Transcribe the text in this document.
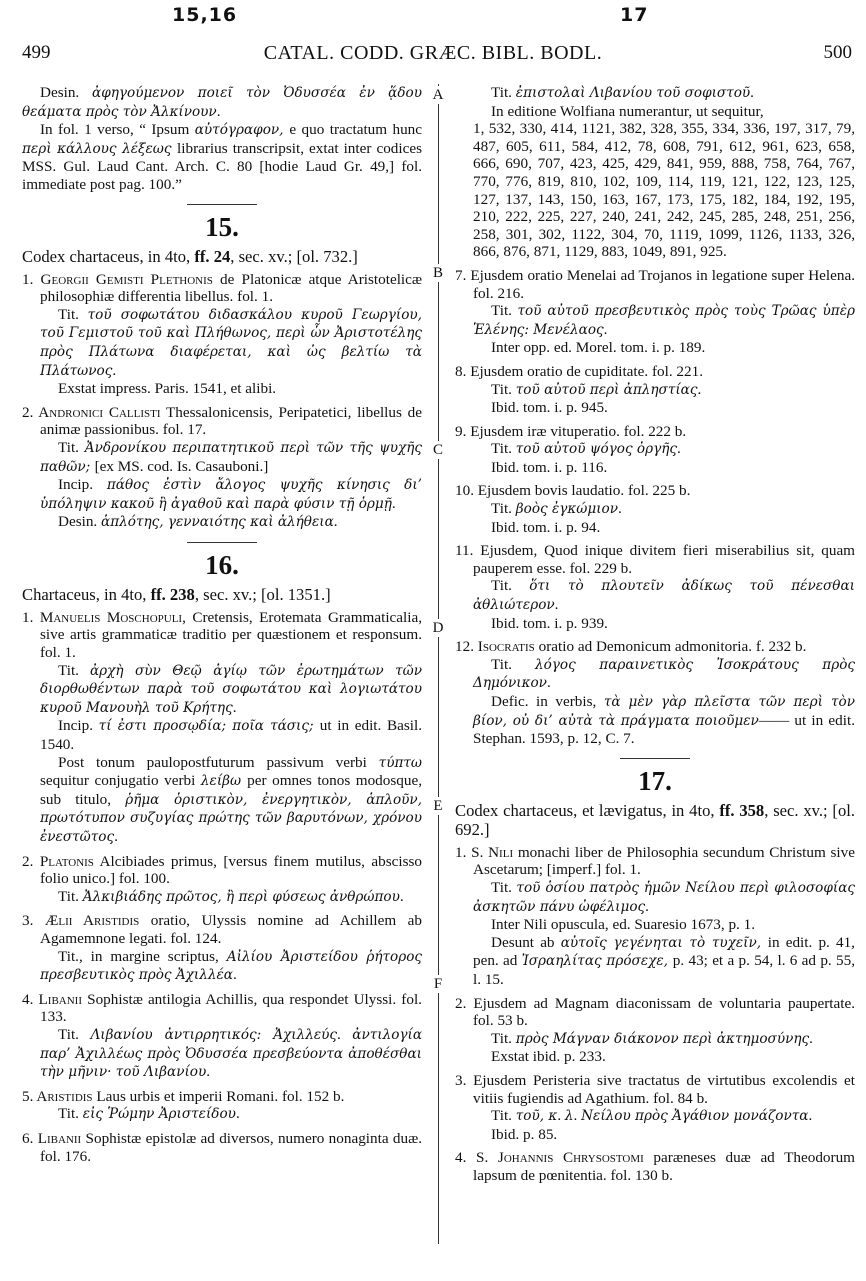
15,16	17
499	CATAL. CODD. GRÆC. BIBL. BODL.	500

Desin. ἀφηγούμενον ποιεῖ τὸν Ὀδυσσέα ἐν ᾅδου θεάματα πρὸς τὸν Ἀλκίνουν.

In fol. 1 verso, “ Ipsum αὐτόγραφον, e quo tractatum hunc περὶ κάλλους λέξεως librarius transcripsit, extat inter codices MSS. Gul. Laud Cant. Arch. C. 80 [hodie Laud Gr. 49,] fol. immediate post pag. 100.”

15.

Codex chartaceus, in 4to, ff. 24, sec. xv.; [ol. 732.]

1. Georgii Gemisti Plethonis de Platonicæ atque Aristotelicæ philosophiæ differentia libellus. fol. 1.

Tit. τοῦ σοφωτάτου διδασκάλου κυροῦ Γεωργίου, τοῦ Γεμιστοῦ τοῦ καὶ Πλήθωνος, περὶ ὧν Ἀριστοτέλης πρὸς Πλάτωνα διαφέρεται, καὶ ὡς βελτίω τὰ Πλάτωνος.

Exstat impress. Paris. 1541, et alibi.

2. Andronici Callisti Thessalonicensis, Peripatetici, libellus de animæ passionibus. fol. 17.

Tit. Ἀνδρονίκου περιπατητικοῦ περὶ τῶν τῆς ψυχῆς παθῶν; [ex MS. cod. Is. Casauboni.]

Incip. πάθος ἐστὶν ἄλογος ψυχῆς κίνησις δι’ ὑπόληψιν κακοῦ ἢ ἀγαθοῦ καὶ παρὰ φύσιν τῇ ὁρμῇ.

Desin. ἁπλότης, γενναιότης καὶ ἀλήθεια.

16.

Chartaceus, in 4to, ff. 238, sec. xv.; [ol. 1351.]

1. Manuelis Moschopuli, Cretensis, Erotemata Grammaticalia, sive artis grammaticæ traditio per quæstionem et responsum. fol. 1.

Tit. ἀρχὴ σὺν Θεῷ ἁγίῳ τῶν ἐρωτημάτων τῶν διορθωθέντων παρὰ τοῦ σοφωτάτου καὶ λογιωτάτου κυροῦ Μανουὴλ τοῦ Κρήτης.

Incip. τί ἐστι προσῳδία; ποῖα τάσις; ut in edit. Basil. 1540.

Post tonum paulopostfuturum passivum verbi τύπτω sequitur conjugatio verbi λείβω per omnes tonos modosque, sub titulo, ῥῆμα ὁριστικὸν, ἐνεργητικὸν, ἁπλοῦν, πρωτότυπον συζυγίας πρώτης τῶν βαρυτόνων, χρόνου ἐνεστῶτος.

2. Platonis Alcibiades primus, [versus finem mutilus, abscisso folio unico.] fol. 100.

Tit. Ἀλκιβιάδης πρῶτος, ἢ περὶ φύσεως ἀνθρώπου.

3. Ælii Aristidis oratio, Ulyssis nomine ad Achillem ab Agamemnone legati. fol. 124.

Tit., in margine scriptus, Αἰλίου Ἀριστείδου ῥήτορος πρεσβευτικὸς πρὸς Ἀχιλλέα.

4. Libanii Sophistæ antilogia Achillis, qua respondet Ulyssi. fol. 133.

Tit. Λιβανίου ἀντιρρητικός: Ἀχιλλεύς. ἀντιλογία παρ’ Ἀχιλλέως πρὸς Ὀδυσσέα πρεσβεύοντα ἀποθέσθαι τὴν μῆνιν· τοῦ Λιβανίου.

5. Aristidis Laus urbis et imperii Romani. fol. 152 b.

Tit. εἰς Ῥώμην Ἀριστείδου.

6. Libanii Sophistæ epistolæ ad diversos, numero nonaginta duæ. fol. 176.

A
B
C
D
E
F

Tit. ἐπιστολαὶ Λιβανίου τοῦ σοφιστοῦ.

In editione Wolfiana numerantur, ut sequitur,

1, 532, 330, 414, 1121, 382, 328, 355, 334, 336, 197, 317, 79, 487, 605, 611, 584, 412, 78, 608, 791, 612, 961, 623, 658, 666, 690, 707, 423, 425, 429, 841, 959, 888, 758, 764, 767, 770, 776, 819, 810, 102, 109, 114, 119, 121, 122, 123, 125, 127, 137, 143, 150, 163, 167, 173, 175, 182, 184, 192, 195, 210, 222, 225, 227, 240, 241, 242, 245, 285, 248, 251, 256, 258, 301, 302, 1122, 304, 70, 1119, 1099, 1126, 1133, 326, 866, 876, 871, 1129, 883, 1049, 891, 925.

7. Ejusdem oratio Menelai ad Trojanos in legatione super Helena. fol. 216.

Tit. τοῦ αὐτοῦ πρεσβευτικὸς πρὸς τοὺς Τρῶας ὑπὲρ Ἑλένης: Μενέλαος.

Inter opp. ed. Morel. tom. i. p. 189.

8. Ejusdem oratio de cupiditate. fol. 221.

Tit. τοῦ αὐτοῦ περὶ ἀπληστίας.

Ibid. tom. i. p. 945.

9. Ejusdem iræ vituperatio. fol. 222 b.

Tit. τοῦ αὐτοῦ ψόγος ὀργῆς.

Ibid. tom. i. p. 116.

10. Ejusdem bovis laudatio. fol. 225 b.

Tit. βοὸς ἐγκώμιον.

Ibid. tom. i. p. 94.

11. Ejusdem, Quod inique divitem fieri miserabilius sit, quam pauperem esse. fol. 229 b.

Tit. ὅτι τὸ πλουτεῖν ἀδίκως τοῦ πένεσθαι ἀθλιώτερον.

Ibid. tom. i. p. 939.

12. Isocratis oratio ad Demonicum admonitoria. f. 232 b.

Tit. λόγος παραινετικὸς Ἰσοκράτους πρὸς Δημόνικον.

Defic. in verbis, τὰ μὲν γὰρ πλεῖστα τῶν περὶ τὸν βίον, οὐ δι’ αὐτὰ τὰ πράγματα ποιοῦμεν—— ut in edit. Stephan. 1593, p. 12, C. 7.

17.

Codex chartaceus, et lævigatus, in 4to, ff. 358, sec. xv.; [ol. 692.]

1. S. Nili monachi liber de Philosophia secundum Christum sive Ascetarum; [imperf.] fol. 1.

Tit. τοῦ ὁσίου πατρὸς ἡμῶν Νείλου περὶ φιλοσοφίας ἀσκητῶν πάνυ ὠφέλιμος.

Inter Nili opuscula, ed. Suaresio 1673, p. 1.

Desunt ab αὐτοῖς γεγένηται τὸ τυχεῖν, in edit. p. 41, pen. ad Ἰσραηλίτας πρόσεχε, p. 43; et a p. 54, l. 6 ad p. 55, l. 15.

2. Ejusdem ad Magnam diaconissam de voluntaria paupertate. fol. 53 b.

Tit. πρὸς Μάγναν διάκονον περὶ ἀκτημοσύνης.

Exstat ibid. p. 233.

3. Ejusdem Peristeria sive tractatus de virtutibus excolendis et vitiis fugiendis ad Agathium. fol. 84 b.

Tit. τοῦ, κ. λ. Νείλου πρὸς Ἀγάθιον μονάζοντα.

Ibid. p. 85.

4. S. Johannis Chrysostomi paræneses duæ ad Theodorum lapsum de pœnitentia. fol. 130 b.
